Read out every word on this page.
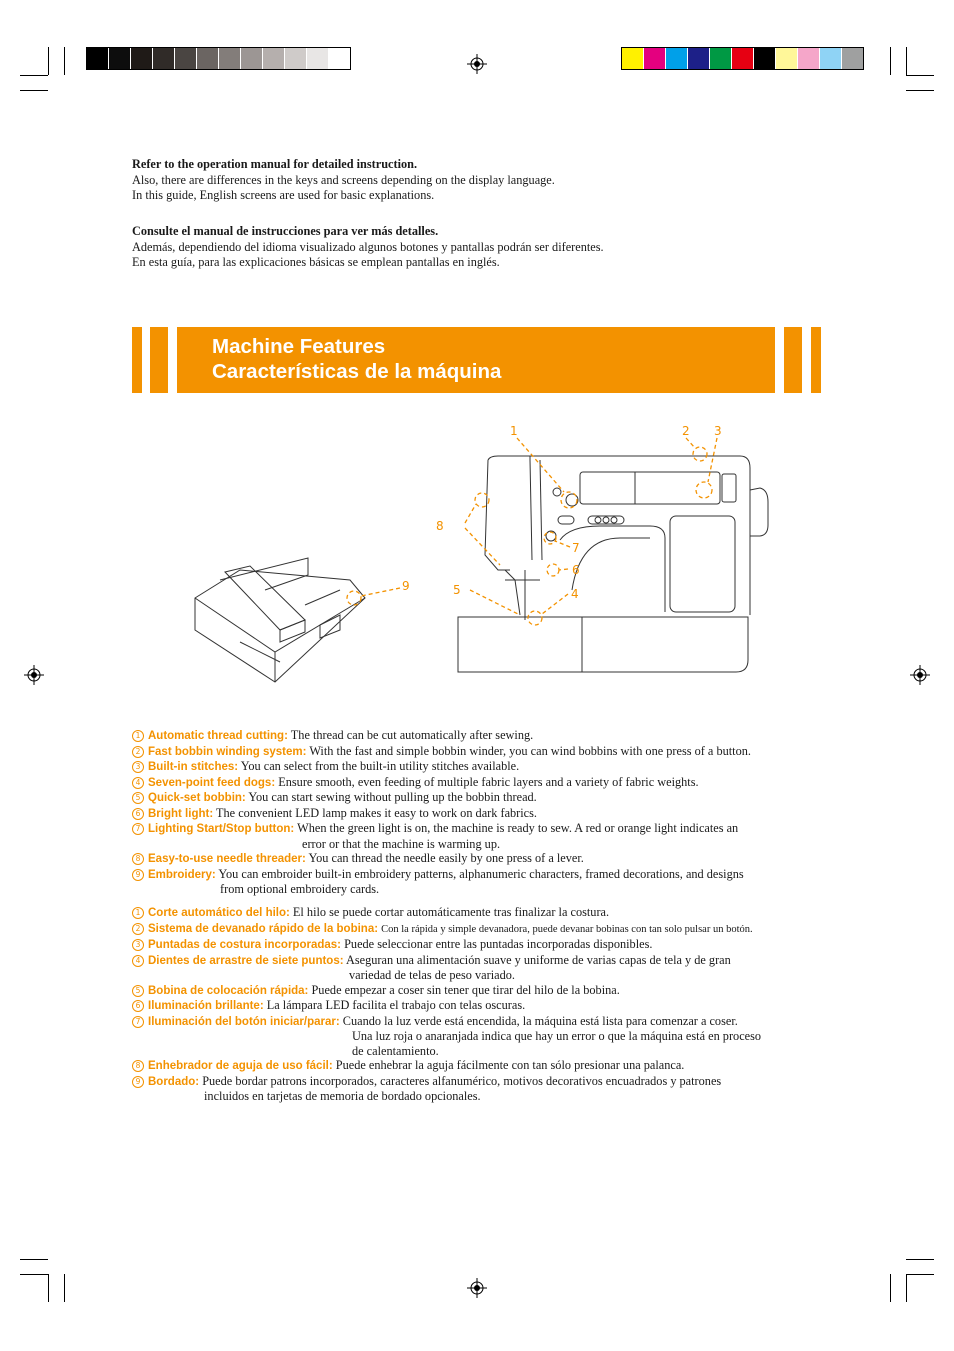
Refer to the operation manual for detailed instruction.
Also, there are differences in the keys and screens depending on the display language.
In this guide, English screens are used for basic explanations.
Consulte el manual de instrucciones para ver más detalles.
Además, dependiendo del idioma visualizado algunos botones y pantallas podrán ser diferentes.
En esta guía, para las explicaciones básicas se emplean pantallas en inglés.
Machine Features
Características de la máquina
1	2 3
4
5
6
7
8
9
1 Automatic thread cutting: The thread can be cut automatically after sewing.
2 Fast bobbin winding system: With the fast and simple bobbin winder, you can wind bobbins with one press of a button.
3 Built-in stitches: You can select from the built-in utility stitches available.
4 Seven-point feed dogs: Ensure smooth, even feeding of multiple fabric layers and a variety of fabric weights.
5 Quick-set bobbin: You can start sewing without pulling up the bobbin thread.
6 Bright light: The convenient LED lamp makes it easy to work on dark fabrics.
7 Lighting Start/Stop button: When the green light is on, the machine is ready to sew. A red or orange light indicates an
error or that the machine is warming up.
8 Easy-to-use needle threader: You can thread the needle easily by one press of a lever.
9 Embroidery: You can embroider built-in embroidery patterns, alphanumeric characters, framed decorations, and designs
from optional embroidery cards.
1 Corte automático del hilo: El hilo se puede cortar automáticamente tras finalizar la costura.
2 Sistema de devanado rápido de la bobina: Con la rápida y simple devanadora, puede devanar bobinas con tan solo pulsar un botón.
3 Puntadas de costura incorporadas: Puede seleccionar entre las puntadas incorporadas disponibles.
4 Dientes de arrastre de siete puntos: Aseguran una alimentación suave y uniforme de varias capas de tela y de gran
variedad de telas de peso variado.
5 Bobina de colocación rápida: Puede empezar a coser sin tener que tirar del hilo de la bobina.
6 Iluminación brillante: La lámpara LED facilita el trabajo con telas oscuras.
7 Iluminación del botón iniciar/parar: Cuando la luz verde está encendida, la máquina está lista para comenzar a coser.
Una luz roja o anaranjada indica que hay un error o que la máquina está en proceso
de calentamiento.
8 Enhebrador de aguja de uso fácil: Puede enhebrar la aguja fácilmente con tan sólo presionar una palanca.
9 Bordado: Puede bordar patrons incorporados, caracteres alfanumérico, motivos decorativos encuadrados y patrones
incluidos en tarjetas de memoria de bordado opcionales.
